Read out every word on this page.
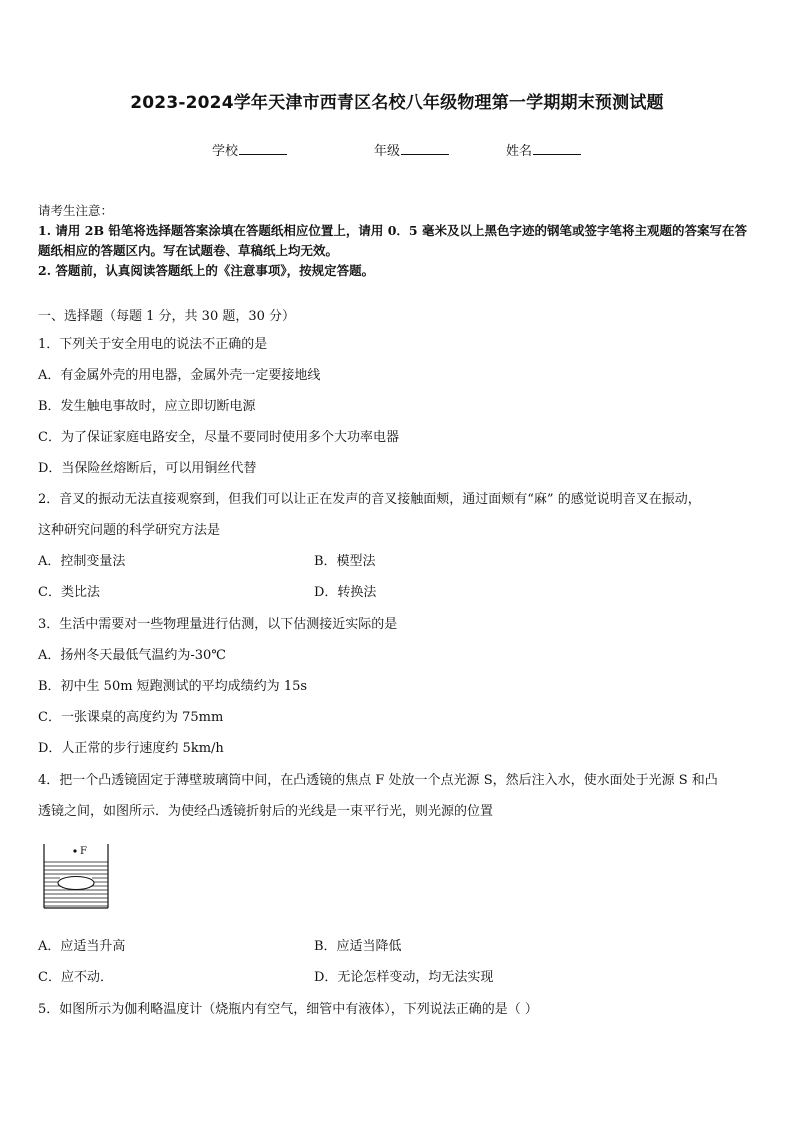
2023-2024学年天津市西青区名校八年级物理第一学期期末预测试题
学校	年级	姓名
请考生注意：
1. 请用 2B 铅笔将选择题答案涂填在答题纸相应位置上，请用 0．5 毫米及以上黑色字迹的钢笔或签字笔将主观题的答案写在答题纸相应的答题区内。写在试题卷、草稿纸上均无效。
2. 答题前，认真阅读答题纸上的《注意事项》，按规定答题。
一、选择题（每题 1 分，共 30 题，30 分）
1．下列关于安全用电的说法不正确的是
A．有金属外壳的用电器，金属外壳一定要接地线
B．发生触电事故时，应立即切断电源
C．为了保证家庭电路安全，尽量不要同时使用多个大功率电器
D．当保险丝熔断后，可以用铜丝代替
2．音叉的振动无法直接观察到，但我们可以让正在发声的音叉接触面颊，通过面颊有“麻” 的感觉说明音叉在振动，
这种研究问题的科学研究方法是
A．控制变量法	B．模型法
C．类比法	D．转换法
3．生活中需要对一些物理量进行估测，以下估测接近实际的是
A．扬州冬天最低气温约为-30℃
B．初中生 50m 短跑测试的平均成绩约为 15s
C．一张课桌的高度约为 75mm
D．人正常的步行速度约 5km/h
4．把一个凸透镜固定于薄壁玻璃筒中间，在凸透镜的焦点 F 处放一个点光源 S，然后注入水，使水面处于光源 S 和凸
透镜之间，如图所示．为使经凸透镜折射后的光线是一束平行光，则光源的位置
F
A．应适当升高	B．应适当降低
C．应不动．	D．无论怎样变动，均无法实现
5．如图所示为伽利略温度计（烧瓶内有空气，细管中有液体），下列说法正确的是（ ）
